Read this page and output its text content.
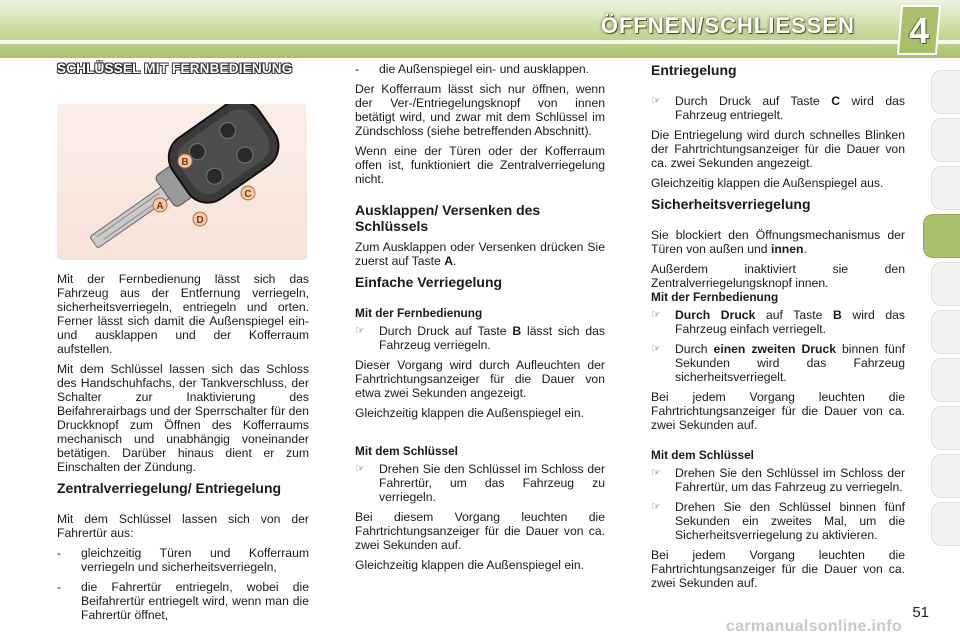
ÖFFNEN/SCHLIESSEN	4
SCHLÜSSEL MIT FERNBEDIENUNG
A
B
C
D

Mit der Fernbedienung lässt sich das Fahrzeug aus der Entfernung verriegeln, sicherheitsverriegeln, entriegeln und orten. Ferner lässt sich damit die Außenspiegel ein- und ausklappen und der Kofferraum aufstellen.

Mit dem Schlüssel lassen sich das Schloss des Handschuhfachs, der Tankverschluss, der Schalter zur Inaktivierung des Beifahrerairbags und der Sperrschalter für den Druckknopf zum Öffnen des Kofferraums mechanisch und unabhängig voneinander betätigen. Darüber hinaus dient er zum Einschalten der Zündung.

Zentralverriegelung/ Entriegelung

Mit dem Schlüssel lassen sich von der Fahrertür aus:

-	gleichzeitig Türen und Kofferraum verriegeln und sicherheitsverriegeln,
-	die Fahrertür entriegeln, wobei die Beifahrertür entriegelt wird, wenn man die Fahrertür öffnet,
-	die Außenspiegel ein- und ausklappen.

Der Kofferraum lässt sich nur öffnen, wenn der Ver-/Entriegelungsknopf von innen betätigt wird, und zwar mit dem Schlüssel im Zündschloss (siehe betreffenden Abschnitt).

Wenn eine der Türen oder der Kofferraum offen ist, funktioniert die Zentralverriegelung nicht.

Ausklappen/ Versenken des Schlüssels

Zum Ausklappen oder Versenken drücken Sie zuerst auf Taste A.

Einfache Verriegelung
Mit der Fernbedienung
☞	Durch Druck auf Taste B lässt sich das Fahrzeug verriegeln.

Dieser Vorgang wird durch Aufleuchten der Fahrtrichtungsanzeiger für die Dauer von etwa zwei Sekunden angezeigt.

Gleichzeitig klappen die Außenspiegel ein.

Mit dem Schlüssel
☞	Drehen Sie den Schlüssel im Schloss der Fahrertür, um das Fahrzeug zu verriegeln.

Bei diesem Vorgang leuchten die Fahrtrichtungsanzeiger für die Dauer von ca. zwei Sekunden auf.

Gleichzeitig klappen die Außenspiegel ein.

Entriegelung
☞	Durch Druck auf Taste C wird das Fahrzeug entriegelt.

Die Entriegelung wird durch schnelles Blinken der Fahrtrichtungsanzeiger für die Dauer von ca. zwei Sekunden angezeigt.

Gleichzeitig klappen die Außenspiegel aus.

Sicherheitsverriegelung

Sie blockiert den Öffnungsmechanismus der Türen von außen und innen.

Außerdem inaktiviert sie den Zentralverriegelungsknopf innen.

Mit der Fernbedienung
☞	Durch Druck auf Taste B wird das Fahrzeug einfach verriegelt.
☞	Durch einen zweiten Druck binnen fünf Sekunden wird das Fahrzeug sicherheitsverriegelt.

Bei jedem Vorgang leuchten die Fahrtrichtungsanzeiger für die Dauer von ca. zwei Sekunden auf.

Mit dem Schlüssel
☞	Drehen Sie den Schlüssel im Schloss der Fahrertür, um das Fahrzeug zu verriegeln.
☞	Drehen Sie den Schlüssel binnen fünf Sekunden ein zweites Mal, um die Sicherheitsverriegelung zu aktivieren.

Bei jedem Vorgang leuchten die Fahrtrichtungsanzeiger für die Dauer von ca. zwei Sekunden auf.

51
carmanualsonline.info
